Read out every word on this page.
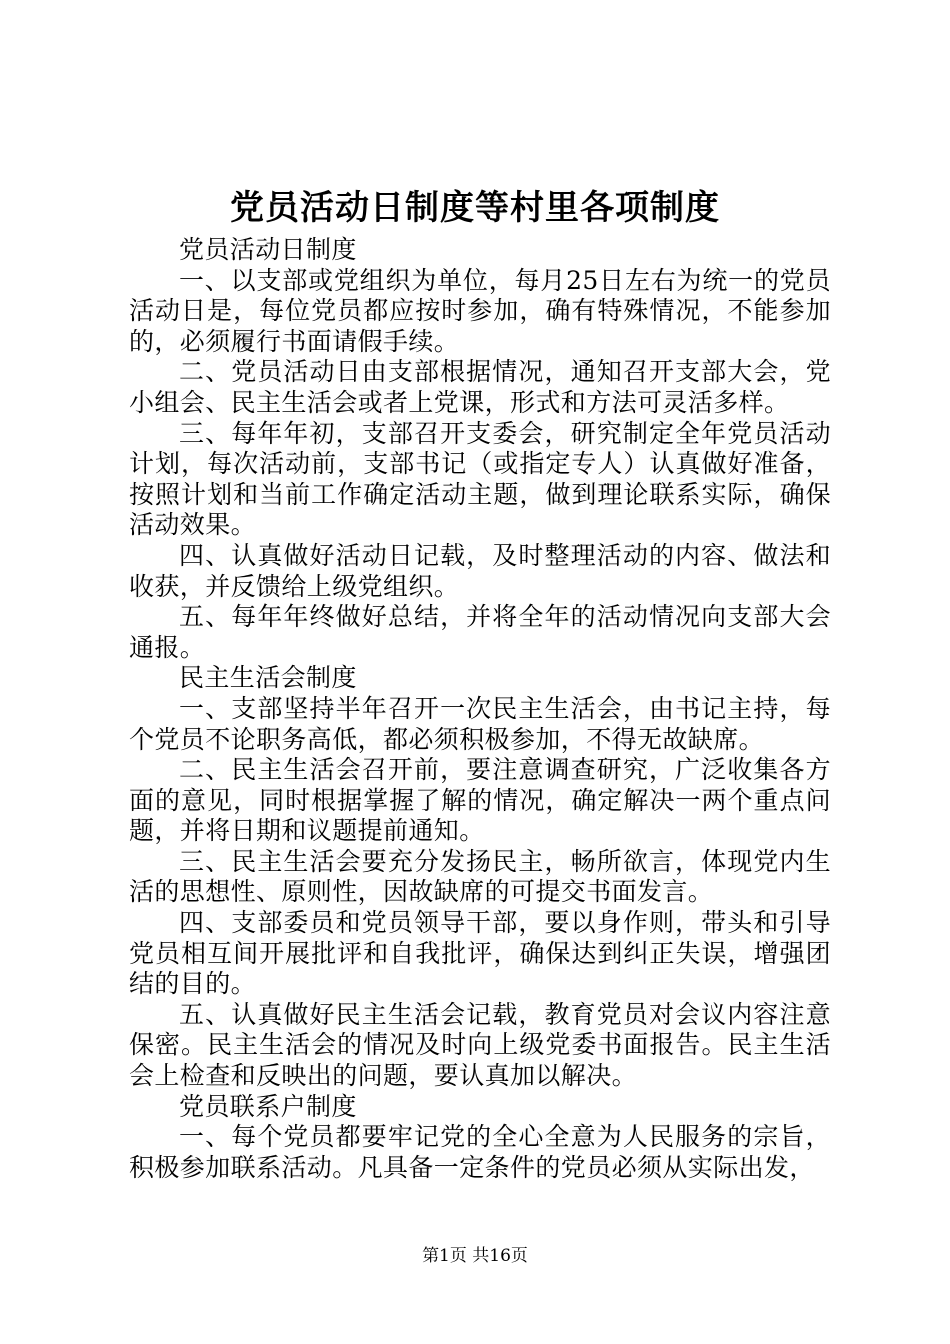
党员活动日制度等村里各项制度

党员活动日制度

一、以支部或党组织为单位，每月25日左右为统一的党员活动日是，每位党员都应按时参加，确有特殊情况，不能参加的，必须履行书面请假手续。

二、党员活动日由支部根据情况，通知召开支部大会，党小组会、民主生活会或者上党课，形式和方法可灵活多样。

三、每年年初，支部召开支委会，研究制定全年党员活动计划，每次活动前，支部书记（或指定专人）认真做好准备，按照计划和当前工作确定活动主题，做到理论联系实际，确保活动效果。

四、认真做好活动日记载，及时整理活动的内容、做法和收获，并反馈给上级党组织。

五、每年年终做好总结，并将全年的活动情况向支部大会通报。

民主生活会制度

一、支部坚持半年召开一次民主生活会，由书记主持，每个党员不论职务高低，都必须积极参加，不得无故缺席。

二、民主生活会召开前，要注意调查研究，广泛收集各方面的意见，同时根据掌握了解的情况，确定解决一两个重点问题，并将日期和议题提前通知。

三、民主生活会要充分发扬民主，畅所欲言，体现党内生活的思想性、原则性，因故缺席的可提交书面发言。

四、支部委员和党员领导干部，要以身作则，带头和引导党员相互间开展批评和自我批评，确保达到纠正失误，增强团结的目的。

五、认真做好民主生活会记载，教育党员对会议内容注意保密。民主生活会的情况及时向上级党委书面报告。民主生活会上检查和反映出的问题，要认真加以解决。

党员联系户制度

一、每个党员都要牢记党的全心全意为人民服务的宗旨，积极参加联系活动。凡具备一定条件的党员必须从实际出发，

第1页 共16页
